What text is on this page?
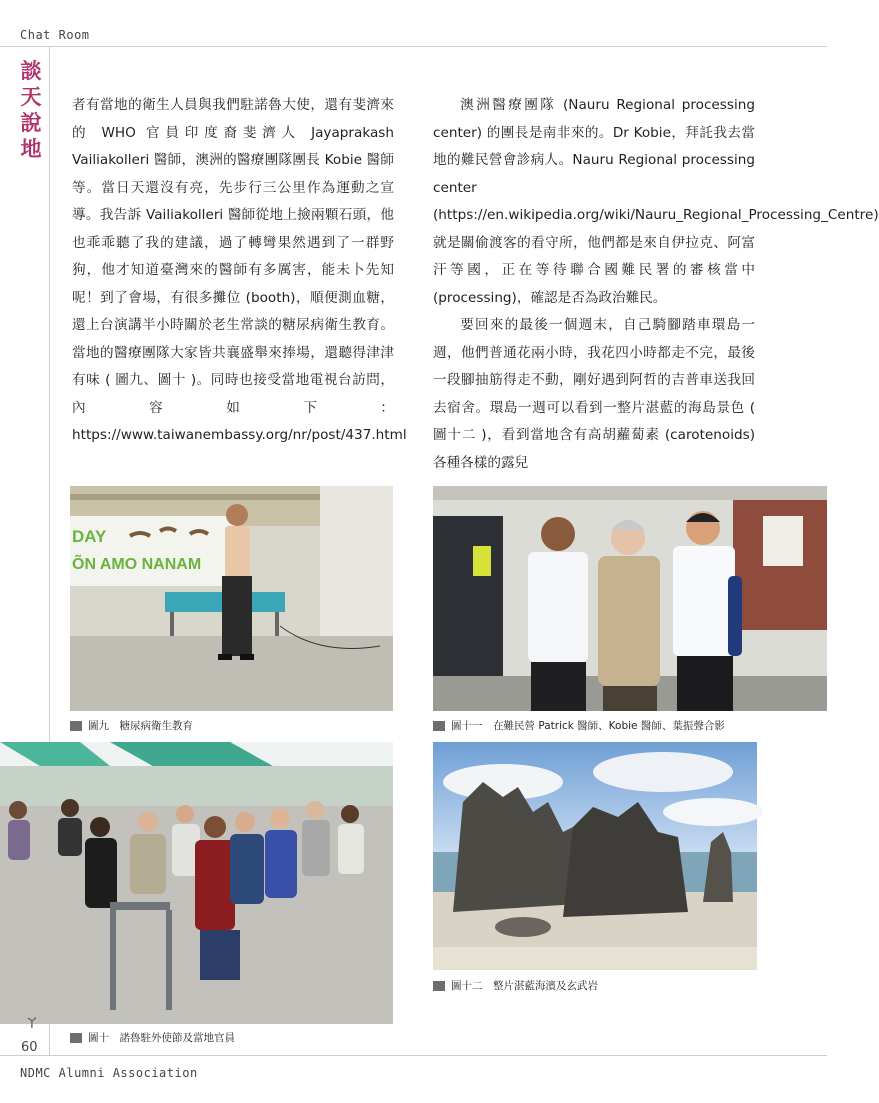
Chat Room
談
天
說
地

者有當地的衛生人員與我們駐諾魯大使，還有斐濟來的 WHO 官員印度裔斐濟人 Jayaprakash Vailiakolleri 醫師，澳洲的醫療團隊團長 Kobie 醫師等。當日天還沒有亮，先步行三公里作為運動之宣導。我告訴 Vailiakolleri 醫師從地上撿兩顆石頭，他也乖乖聽了我的建議，過了轉彎果然遇到了一群野狗，他才知道臺灣來的醫師有多厲害，能未卜先知呢！到了會場，有很多攤位 (booth)，順便測血糖，還上台演講半小時關於老生常談的糖尿病衛生教育。當地的醫療團隊大家皆共襄盛舉來捧場，還聽得津津有味 ( 圖九、圖十 )。同時也接受當地電視台訪問，內容如下：https://www.taiwanembassy.org/nr/post/437.html

澳洲醫療團隊 (Nauru Regional processing center) 的團長是南非來的。Dr Kobie，拜託我去當地的難民營會診病人。Nauru Regional processing center (https://en.wikipedia.org/wiki/Nauru_Regional_Processing_Centre) 就是關偷渡客的看守所，他們都是來自伊拉克、阿富汗等國，正在等待聯合國難民署的審核當中 (processing)，確認是否為政治難民。

要回來的最後一個週末，自己騎腳踏車環島一週，他們普通花兩小時，我花四小時都走不完，最後一段腳抽筋得走不動，剛好遇到阿哲的吉普車送我回去宿舍。環島一週可以看到一整片湛藍的海島景色 ( 圖十二 )，看到當地含有高胡蘿蔔素 (carotenoids) 各種各樣的露兒

DAY
ÕN AMO NANAM
圖九　糖尿病衛生教育	圖十一　在難民營 Patrick 醫師、Kobie 醫師、葉振聲合影
圖十　諾魯駐外使節及當地官員
圖十二　整片湛藍海濱及玄武岩
ㄚ
60
NDMC Alumni Association
